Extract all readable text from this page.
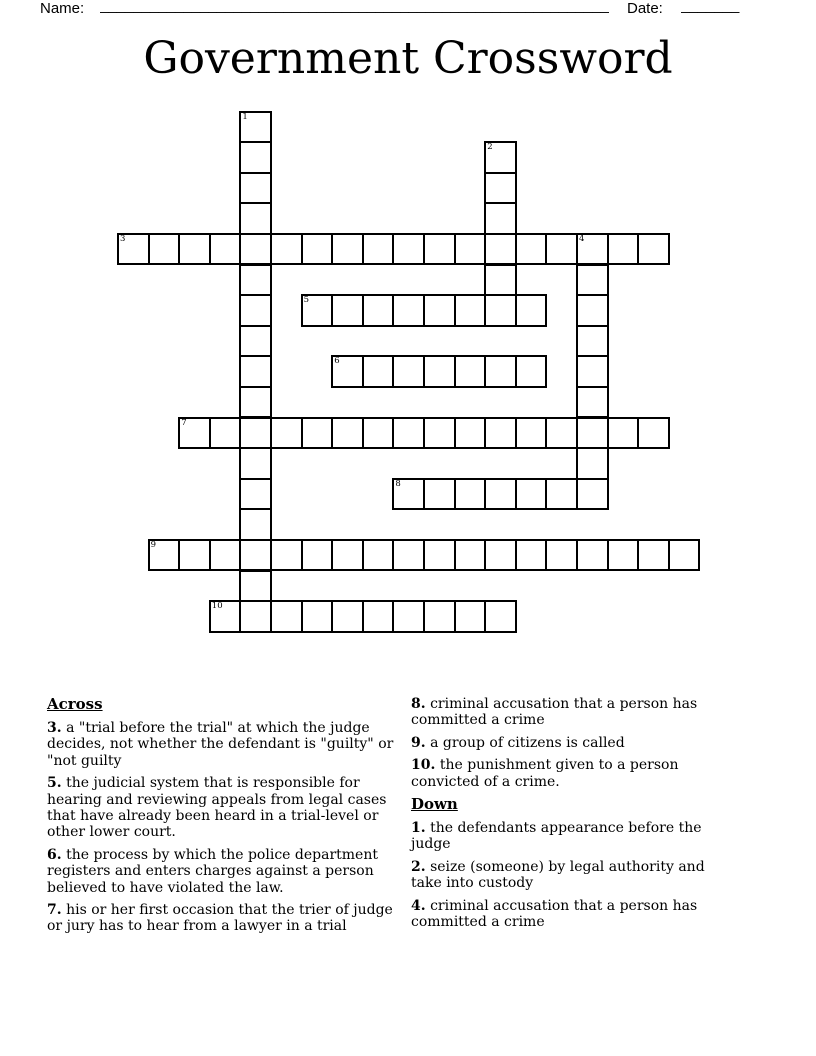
Name: _____________________________________________________________ Date: _______
Government Crossword
1
2
3	4
5
6
7
8
9
10

Across

3. a "trial before the trial" at which the judge decides, not whether the defendant is "guilty" or "not guilty

5. the judicial system that is responsible for hearing and reviewing appeals from legal cases that have already been heard in a trial-level or other lower court.

6. the process by which the police department registers and enters charges against a person believed to have violated the law.

7. his or her first occasion that the trier of judge or jury has to hear from a lawyer in a trial

8. criminal accusation that a person has committed a crime

9. a group of citizens is called

10. the punishment given to a person convicted of a crime.

Down

1. the defendants appearance before the judge

2. seize (someone) by legal authority and take into custody

4. criminal accusation that a person has committed a crime
